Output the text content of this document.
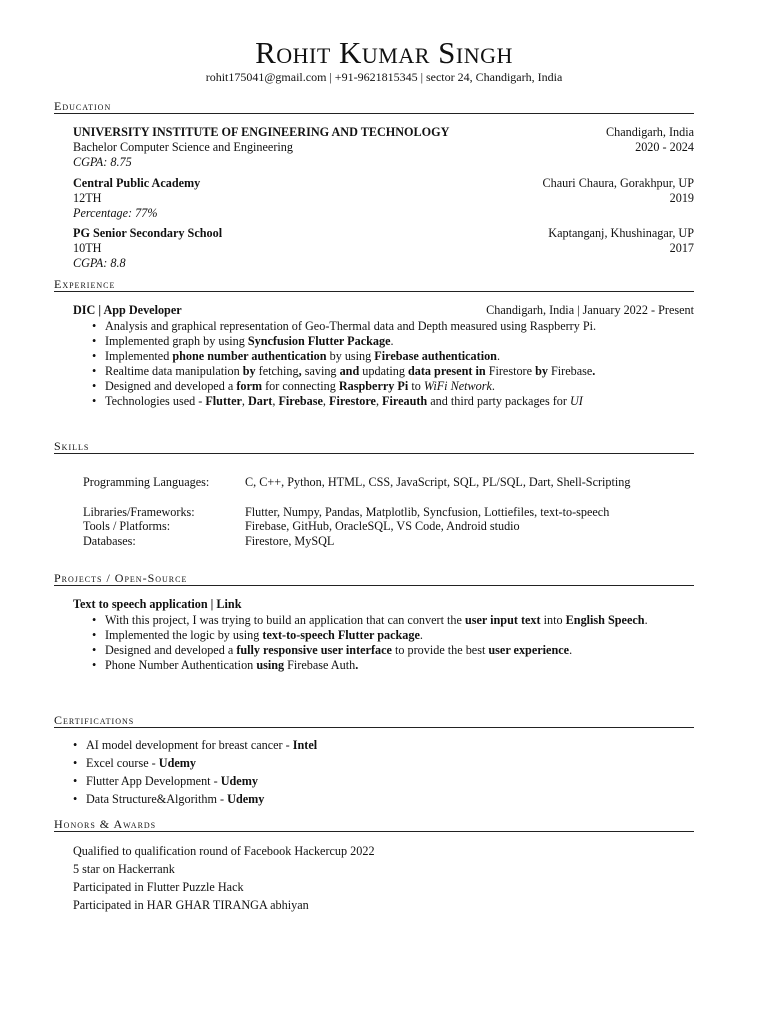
Rohit Kumar Singh
rohit175041@gmail.com | +91-9621815345 | sector 24, Chandigarh, India
Education
UNIVERSITY INSTITUTE OF ENGINEERING AND TECHNOLOGY	Chandigarh, India
Bachelor Computer Science and Engineering	2020 - 2024
CGPA: 8.75
Central Public Academy	Chauri Chaura, Gorakhpur, UP
12TH	2019
Percentage: 77%
PG Senior Secondary School	Kaptanganj, Khushinagar, UP
10TH	2017
CGPA: 8.8
Experience
DIC | App Developer	Chandigarh, India | January 2022 - Present
• Analysis and graphical representation of Geo-Thermal data and Depth measured using Raspberry Pi.
• Implemented graph by using Syncfusion Flutter Package.
• Implemented phone number authentication by using Firebase authentication.
• Realtime data manipulation by fetching, saving and updating data present in Firestore by Firebase.
• Designed and developed a form for connecting Raspberry Pi to WiFi Network.
• Technologies used - Flutter, Dart, Firebase, Firestore, Fireauth and third party packages for UI
Skills
Programming Languages:	C, C++, Python, HTML, CSS, JavaScript, SQL, PL/SQL, Dart, Shell-Scripting
Libraries/Frameworks:	Flutter, Numpy, Pandas, Matplotlib, Syncfusion, Lottiefiles, text-to-speech
Tools / Platforms:	Firebase, GitHub, OracleSQL, VS Code, Android studio
Databases:	Firestore, MySQL
Projects / Open-Source
Text to speech application | Link
• With this project, I was trying to build an application that can convert the user input text into English Speech.
• Implemented the logic by using text-to-speech Flutter package.
• Designed and developed a fully responsive user interface to provide the best user experience.
• Phone Number Authentication using Firebase Auth.
Certifications
• AI model development for breast cancer - Intel
• Excel course - Udemy
• Flutter App Development - Udemy
• Data Structure&Algorithm - Udemy
Honors & Awards
Qualified to qualification round of Facebook Hackercup 2022
5 star on Hackerrank
Participated in Flutter Puzzle Hack
Participated in HAR GHAR TIRANGA abhiyan
